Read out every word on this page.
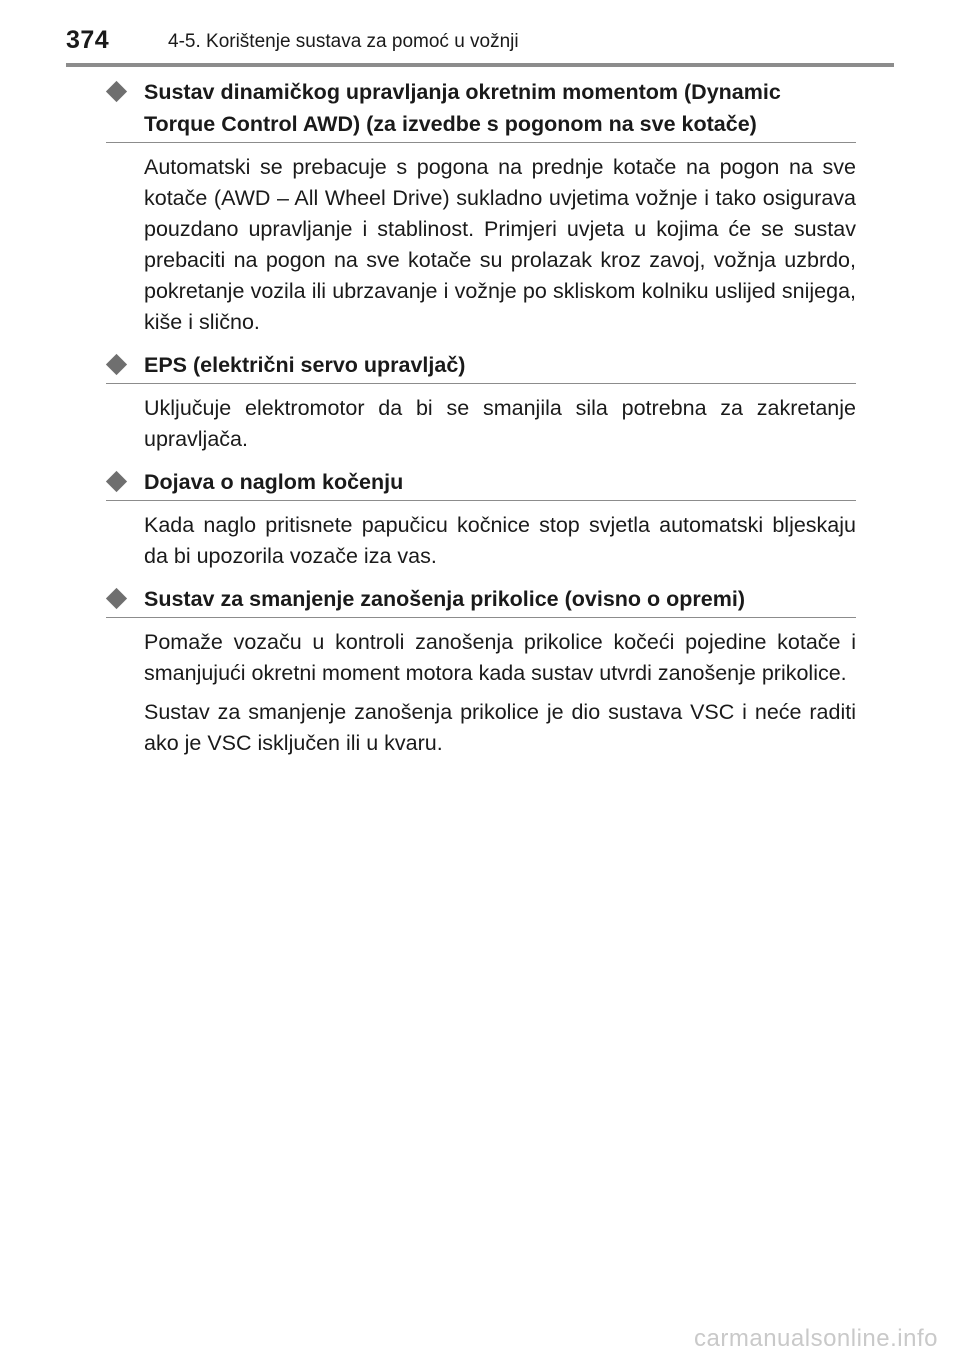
374	4-5. Korištenje sustava za pomoć u vožnji
Sustav dinamičkog upravljanja okretnim momentom (Dynamic Torque Control AWD) (za izvedbe s pogonom na sve kotače)

Automatski se prebacuje s pogona na prednje kotače na pogon na sve kotače (AWD – All Wheel Drive) sukladno uvjetima vožnje i tako osigurava pouzdano upravljanje i stablinost. Primjeri uvjeta u kojima će se sustav prebaciti na pogon na sve kotače su prolazak kroz zavoj, vožnja uzbrdo, pokretanje vozila ili ubrzavanje i vožnje po skliskom kolniku uslijed snijega, kiše i slično.

EPS (električni servo upravljač)

Uključuje elektromotor da bi se smanjila sila potrebna za zakretanje upravljača.

Dojava o naglom kočenju

Kada naglo pritisnete papučicu kočnice stop svjetla automatski bljeskaju da bi upozorila vozače iza vas.

Sustav za smanjenje zanošenja prikolice (ovisno o opremi)

Pomaže vozaču u kontroli zanošenja prikolice kočeći pojedine kotače i smanjujući okretni moment motora kada sustav utvrdi zanošenje prikolice.

Sustav za smanjenje zanošenja prikolice je dio sustava VSC i neće raditi ako je VSC isključen ili u kvaru.

carmanualsonline.info
